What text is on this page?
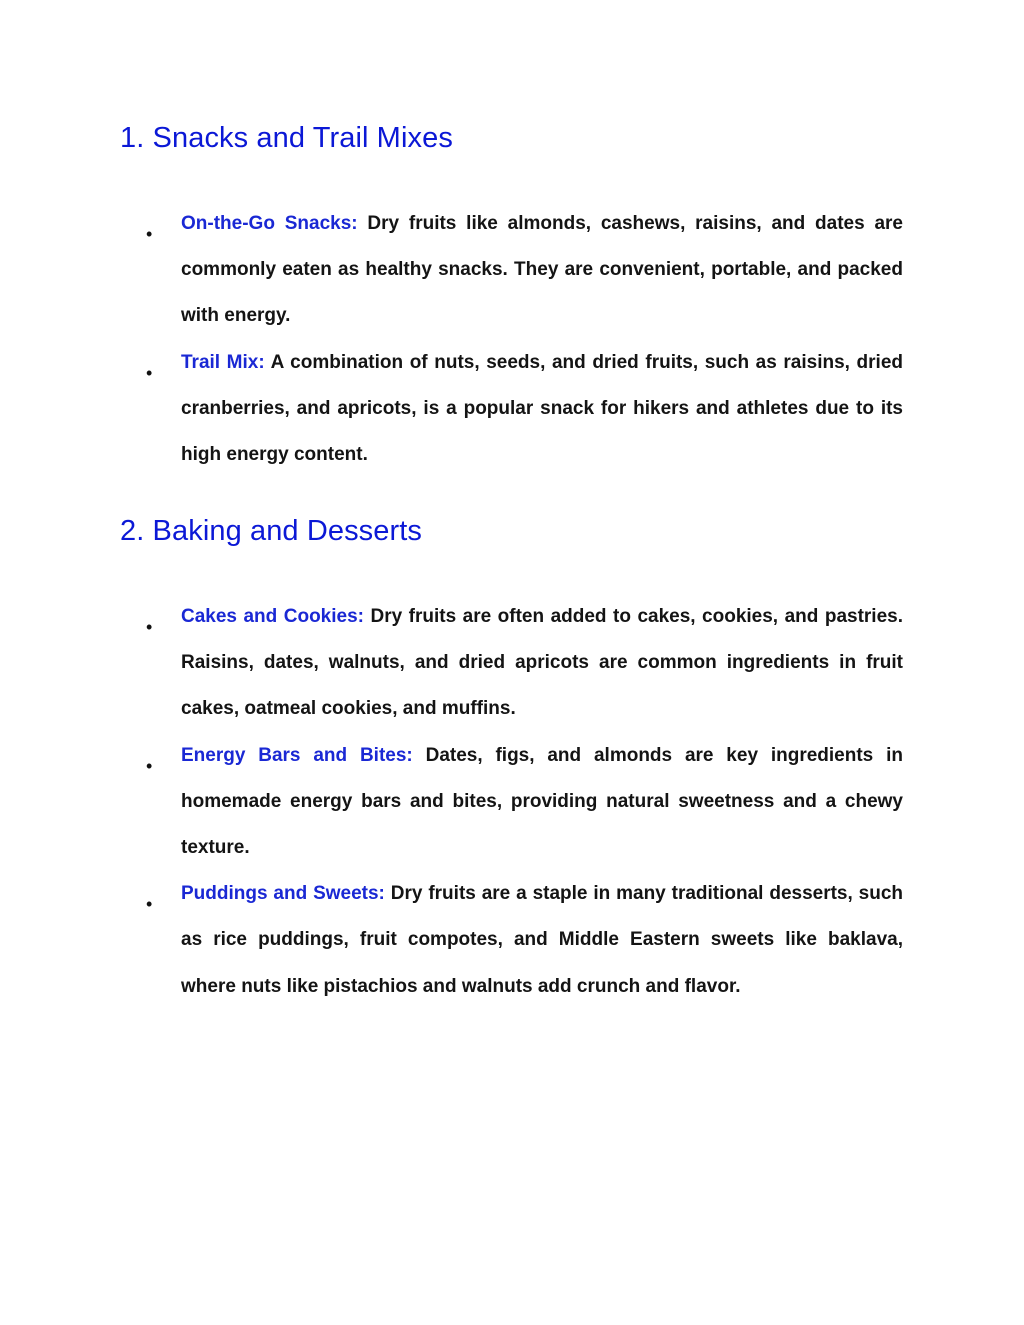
1. Snacks and Trail Mixes
• On-the-Go Snacks: Dry fruits like almonds, cashews, raisins, and dates are commonly eaten as healthy snacks. They are convenient, portable, and packed with energy.
• Trail Mix: A combination of nuts, seeds, and dried fruits, such as raisins, dried cranberries, and apricots, is a popular snack for hikers and athletes due to its high energy content.
2. Baking and Desserts
• Cakes and Cookies: Dry fruits are often added to cakes, cookies, and pastries. Raisins, dates, walnuts, and dried apricots are common ingredients in fruit cakes, oatmeal cookies, and muffins.
• Energy Bars and Bites: Dates, figs, and almonds are key ingredients in homemade energy bars and bites, providing natural sweetness and a chewy texture.
• Puddings and Sweets: Dry fruits are a staple in many traditional desserts, such as rice puddings, fruit compotes, and Middle Eastern sweets like baklava, where nuts like pistachios and walnuts add crunch and flavor.
